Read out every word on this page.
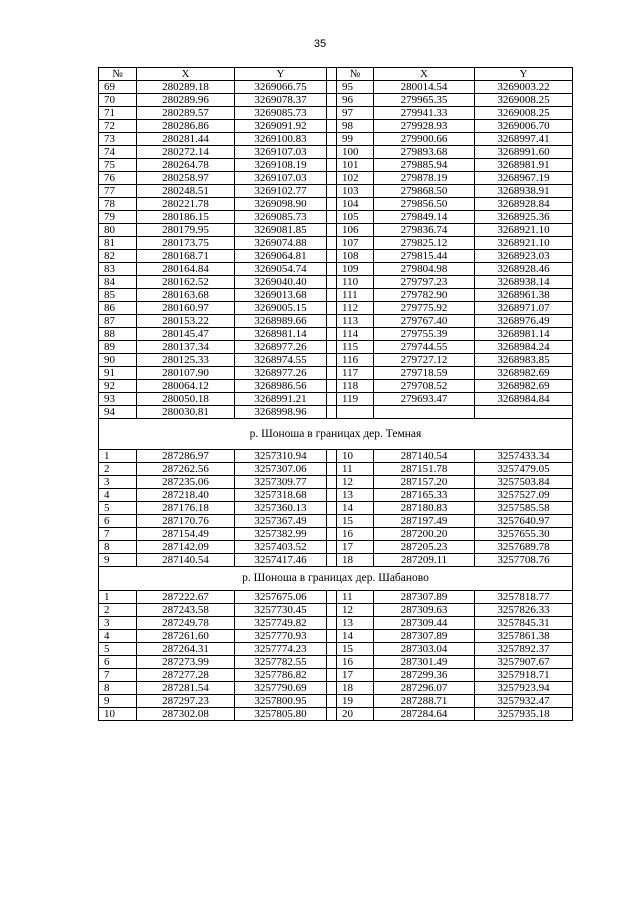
35
№	X	Y		№	X	Y
69	280289.18	3269066.75		95	280014.54	3269003.22
70	280289.96	3269078.37		96	279965.35	3269008.25
71	280289.57	3269085.73		97	279941.33	3269008.25
72	280286.86	3269091.92		98	279928.93	3269006.70
73	280281.44	3269100.83		99	279900.66	3268997.41
74	280272.14	3269107.03		100	279893.68	3268991.60
75	280264.78	3269108.19		101	279885.94	3268981.91
76	280258.97	3269107.03		102	279878.19	3268967.19
77	280248.51	3269102.77		103	279868.50	3268938.91
78	280221.78	3269098.90		104	279856.50	3268928.84
79	280186.15	3269085.73		105	279849.14	3268925.36
80	280179.95	3269081.85		106	279836.74	3268921.10
81	280173.75	3269074.88		107	279825.12	3268921.10
82	280168.71	3269064.81		108	279815.44	3268923.03
83	280164.84	3269054.74		109	279804.98	3268928.46
84	280162.52	3269040.40		110	279797.23	3268938.14
85	280163.68	3269013.68		111	279782.90	3268961.38
86	280160.97	3269005.15		112	279775.92	3268971.07
87	280153.22	3268989.66		113	279767.40	3268976.49
88	280145.47	3268981.14		114	279755.39	3268981.14
89	280137.34	3268977.26		115	279744.55	3268984.24
90	280125.33	3268974.55		116	279727.12	3268983.85
91	280107.90	3268977.26		117	279718.59	3268982.69
92	280064.12	3268986.56		118	279708.52	3268982.69
93	280050.18	3268991.21		119	279693.47	3268984.84
94	280030.81	3268998.96				
р. Шоноша в границах дер. Темная						
1	287286.97	3257310.94		10	287140.54	3257433.34
2	287262.56	3257307.06		11	287151.78	3257479.05
3	287235.06	3257309.77		12	287157.20	3257503.84
4	287218.40	3257318.68		13	287165.33	3257527.09
5	287176.18	3257360.13		14	287180.83	3257585.58
6	287170.76	3257367.49		15	287197.49	3257640.97
7	287154.49	3257382.99		16	287200.20	3257655.30
8	287142.09	3257403.52		17	287205.23	3257689.78
9	287140.54	3257417.46		18	287209.11	3257708.76
р. Шоноша в границах дер. Шабаново						
1	287222.67	3257675.06		11	287307.89	3257818.77
2	287243.58	3257730.45		12	287309.63	3257826.33
3	287249.78	3257749.82		13	287309.44	3257845.31
4	287261.60	3257770.93		14	287307.89	3257861.38
5	287264.31	3257774.23		15	287303.04	3257892.37
6	287273.99	3257782.55		16	287301.49	3257907.67
7	287277.28	3257786.82		17	287299.36	3257918.71
8	287281.54	3257790.69		18	287296.07	3257923.94
9	287297.23	3257800.95		19	287288.71	3257932.47
10	287302.08	3257805.80		20	287284.64	3257935.18
